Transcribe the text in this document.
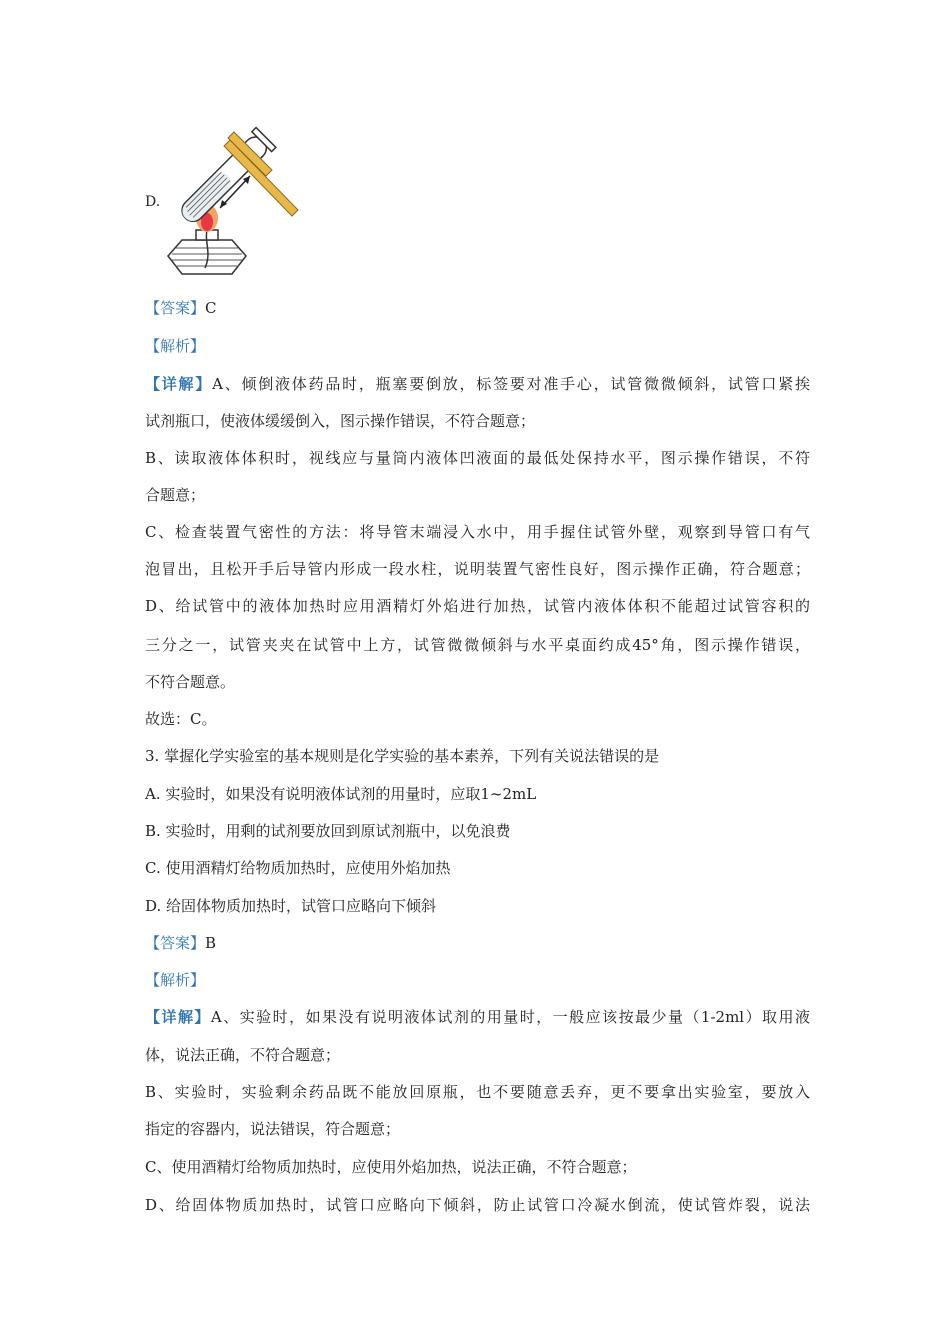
D.
【答案】C
【解析】
【详解】A、倾倒液体药品时，瓶塞要倒放，标签要对准手心，试管微微倾斜，试管口紧挨
试剂瓶口，使液体缓缓倒入，图示操作错误，不符合题意；
B、读取液体体积时，视线应与量筒内液体凹液面的最低处保持水平，图示操作错误，不符
合题意；
C、检查装置气密性的方法：将导管末端浸入水中，用手握住试管外壁，观察到导管口有气
泡冒出，且松开手后导管内形成一段水柱，说明装置气密性良好，图示操作正确，符合题意；
D、给试管中的液体加热时应用酒精灯外焰进行加热，试管内液体体积不能超过试管容积的
三分之一，试管夹夹在试管中上方，试管微微倾斜与水平桌面约成45°角，图示操作错误，
不符合题意。
故选：C。
3. 掌握化学实验室的基本规则是化学实验的基本素养，下列有关说法错误的是
A. 实验时，如果没有说明液体试剂的用量时，应取1~2mL
B. 实验时，用剩的试剂要放回到原试剂瓶中，以免浪费
C. 使用酒精灯给物质加热时，应使用外焰加热
D. 给固体物质加热时，试管口应略向下倾斜
【答案】B
【解析】
【详解】A、实验时，如果没有说明液体试剂的用量时，一般应该按最少量（1-2ml）取用液
体，说法正确，不符合题意；
B、实验时，实验剩余药品既不能放回原瓶，也不要随意丢弃，更不要拿出实验室，要放入
指定的容器内，说法错误，符合题意；
C、使用酒精灯给物质加热时，应使用外焰加热，说法正确，不符合题意；
D、给固体物质加热时，试管口应略向下倾斜，防止试管口冷凝水倒流，使试管炸裂，说法
